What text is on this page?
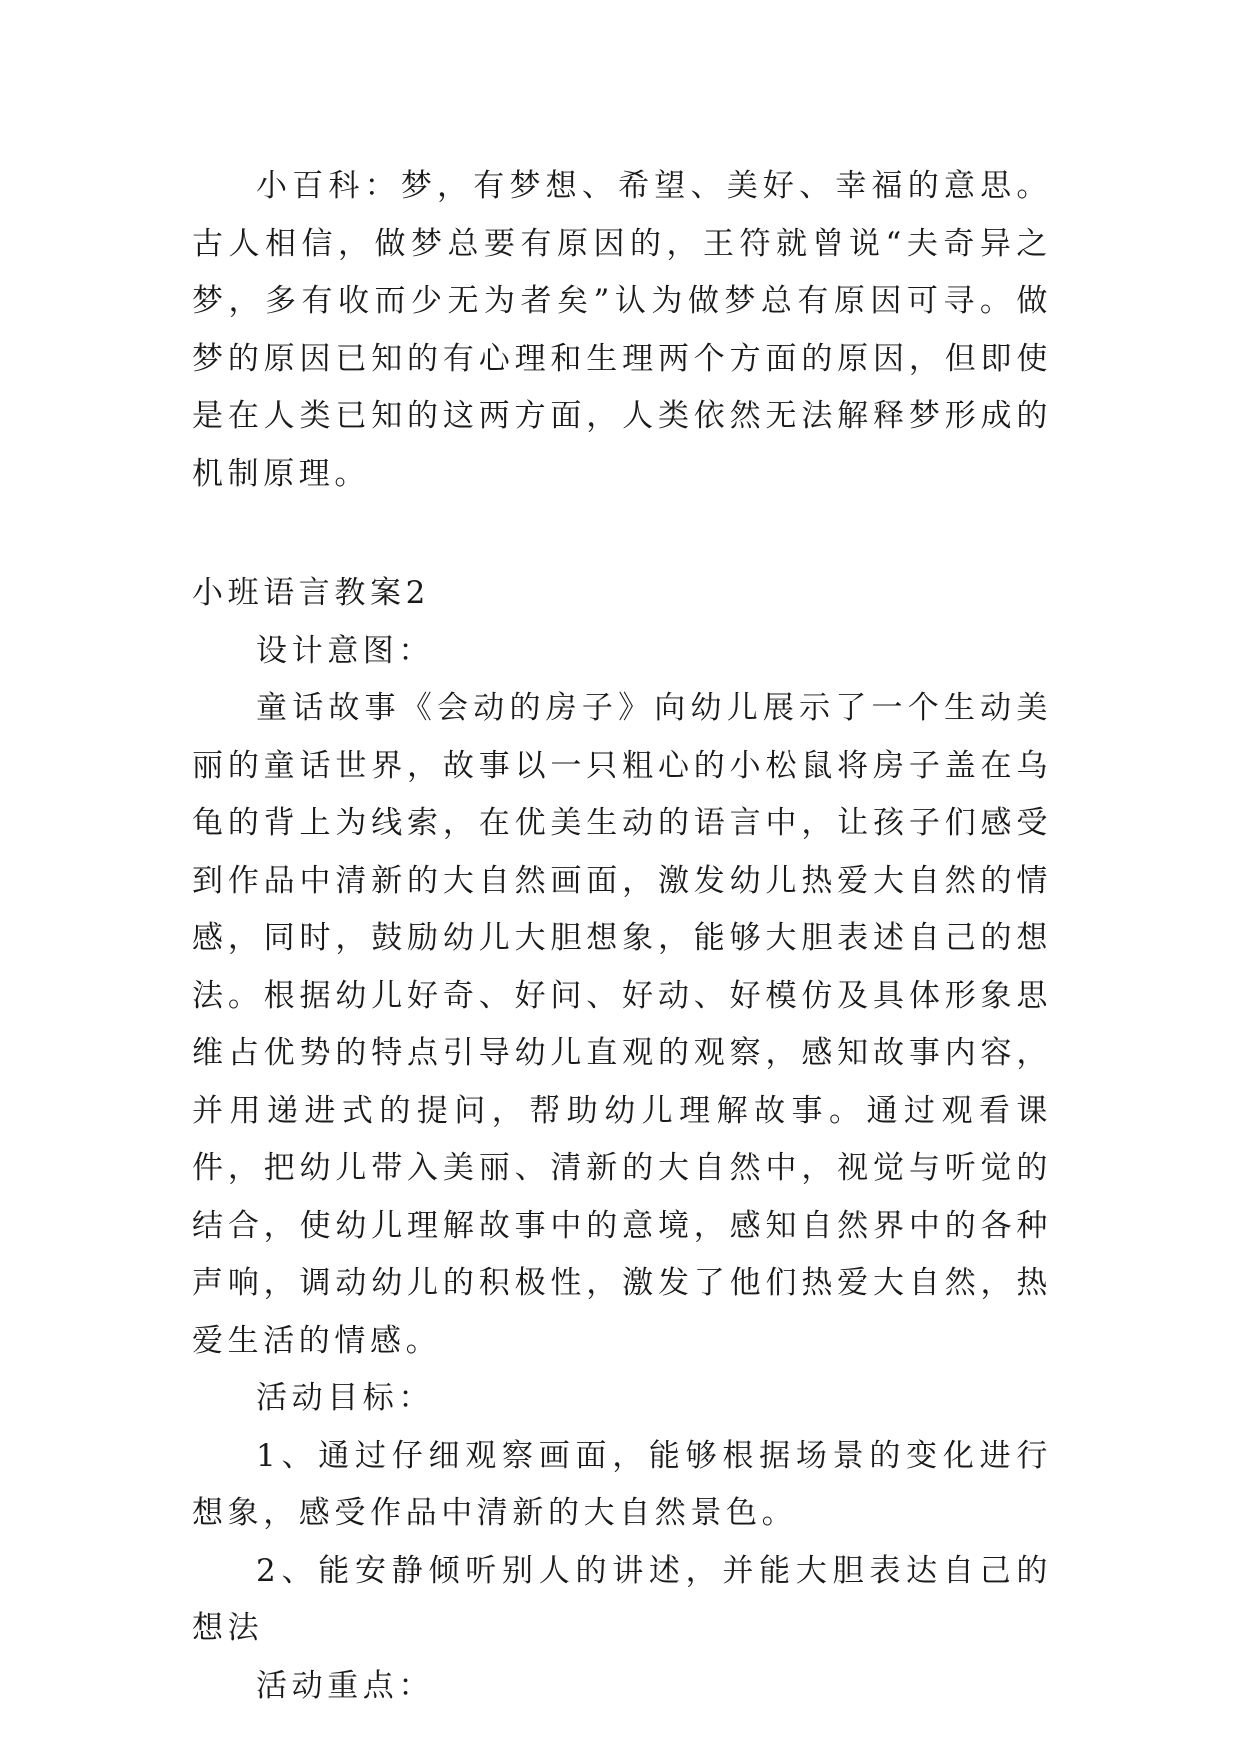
小百科：梦，有梦想、希望、美好、幸福的意思。古人相信，做梦总要有原因的，王符就曾说“夫奇异之梦，多有收而少无为者矣”认为做梦总有原因可寻。做梦的原因已知的有心理和生理两个方面的原因，但即使是在人类已知的这两方面，人类依然无法解释梦形成的机制原理。

小班语言教案2

设计意图：

童话故事《会动的房子》向幼儿展示了一个生动美丽的童话世界，故事以一只粗心的小松鼠将房子盖在乌龟的背上为线索，在优美生动的语言中，让孩子们感受到作品中清新的大自然画面，激发幼儿热爱大自然的情感，同时，鼓励幼儿大胆想象，能够大胆表述自己的想法。根据幼儿好奇、好问、好动、好模仿及具体形象思维占优势的特点引导幼儿直观的观察，感知故事内容，并用递进式的提问，帮助幼儿理解故事。通过观看课件，把幼儿带入美丽、清新的大自然中，视觉与听觉的结合，使幼儿理解故事中的意境，感知自然界中的各种声响，调动幼儿的积极性，激发了他们热爱大自然，热爱生活的情感。

活动目标：

1、通过仔细观察画面，能够根据场景的变化进行想象，感受作品中清新的大自然景色。

2、能安静倾听别人的讲述，并能大胆表达自己的想法

活动重点：
